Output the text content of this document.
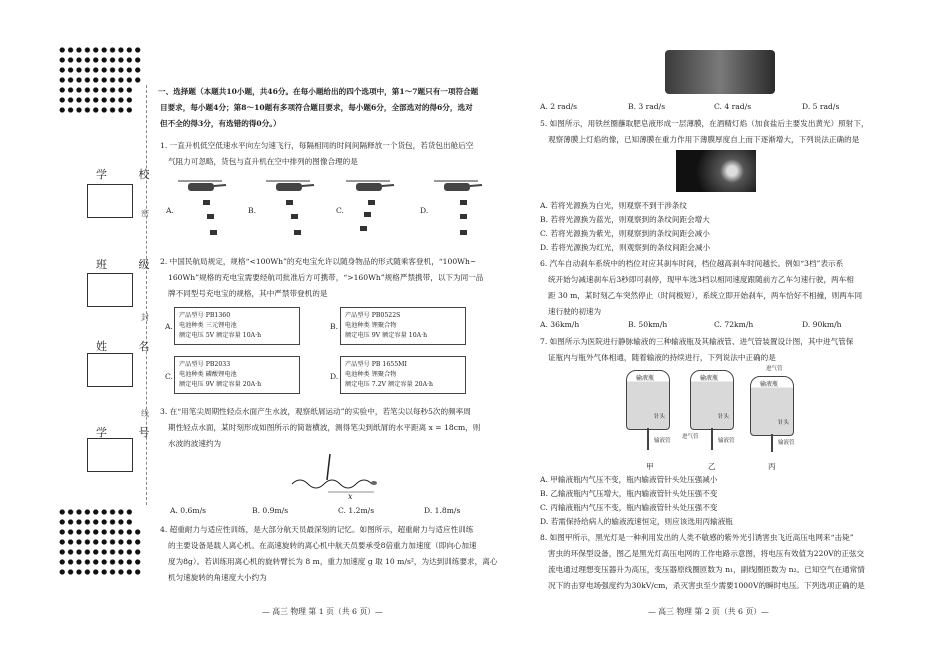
密
封
线
学 校
班 级
姓 名
学 号

一、选择题（本题共10小题，共46分。在每小题给出的四个选项中，第1～7题只有一项符合题

目要求，每小题4分；第8～10题有多项符合题目要求，每小题6分，全部选对的得6分，选对

但不全的得3分，有选错的得0分。）

1. 一直升机低空低速水平向左匀速飞行，每隔相同的时间间隔释放一个货包，若货包出舱后空

气阻力可忽略，货包与直升机在空中排列的图像合理的是

A.	B.	C.	D.

2. 中国民航局规定，规格“<100Wh”的充电宝允许以随身物品的形式随乘客登机，“100Wh~

160Wh”规格的充电宝需要经航司批准后方可携带，“>160Wh”规格严禁携带，以下为同一品

牌不同型号充电宝的规格，其中严禁带登机的是

A.
产品型号 PB1360
电池种类 三元锂电池
额定电压 5V 额定容量 10A·h
B.
产品型号 PB0522S
电池种类 锂聚合物
额定电压 9V 额定容量 10A·h
C.
产品型号 PB2033
电池种类 磷酸锂电池
额定电压 9V 额定容量 20A·h
D.
产品型号 PB 1655MI
电池种类 锂聚合物
额定电压 7.2V 额定容量 20A·h

3. 在“用笔尖周期性轻点水面产生水波，观察纸屑运动”的实验中，若笔尖以每秒5次的频率周

期性轻点水面，某时刻形成如图所示的简谐横波，测得笔尖到纸屑的水平距离 x = 18cm，则

水波的波速约为

x
A. 0.6m/s	B. 0.9m/s	C. 1.2m/s	D. 1.8m/s

4. 超重耐力与适应性训练，是大部分航天员最深刻的记忆。如图所示，超重耐力与适应性训练

的主要设备是载人离心机。在高速旋转的离心机中航天员要承受8倍重力加速度（即向心加速

度为8g）。若训练用离心机的旋转臂长为 8 m，重力加速度 g 取 10 m/s²，为达到训练要求，离心

机匀速旋转的角速度大小约为

— 高三 物理 第 1 页（共 6 页）—

A. 2 rad/s	B. 3 rad/s	C. 4 rad/s	D. 5 rad/s

5. 如图所示，用铁丝圈蘸取肥皂液形成一层薄膜，在酒精灯焰（加食盐后主要发出黄光）照射下，

观察薄膜上灯焰的像，已知薄膜在重力作用下薄膜厚度自上而下逐渐增大，下列说法正确的是

A. 若将光源换为白光，则观察不到干涉条纹

B. 若将光源换为蓝光，则观察到的条纹间距会增大

C. 若将光源换为紫光，则观察到的条纹间距会减小

D. 若将光源换为红光，则观察到的条纹间距会减小

6. 汽车自动刹车系统中的档位对应其刹车时间，档位越高刹车时间越长。例如“3档”表示系

统开始匀减速刹车后3秒即可刹停，现甲车选3档以相同速度跟随前方乙车匀速行驶，两车相

距 30 m，某时刻乙车突然停止（时间极短），系统立即开始刹车，两车恰好不相撞，则两车同

速行驶的初速为

A. 36km/h	B. 50km/h	C. 72km/h	D. 90km/h

7. 如图所示为医院进行静脉输液的三种输液瓶及其输液管、进气管装置设计图，其中进气管保

证瓶内与瓶外气体相通，随着输液的持续进行，下列说法中正确的是

输液瓶
针头
输液管
输液瓶
进气管
针头
输液管
输液瓶
进气管
针头
输液管
甲	乙	丙

A. 甲输液瓶内气压不变，瓶内输液管针头处压强减小

B. 乙输液瓶内气压增大，瓶内输液管针头处压强不变

C. 丙输液瓶内气压不变，瓶内输液管针头处压强不变

D. 若需保持给病人的输液流速恒定，则应该选用丙输液瓶

8. 如图甲所示，黑光灯是一种利用发出的人类不敏感的紫外光引诱害虫飞近高压电网来“击毙”

害虫的环保型设备，图乙是黑光灯高压电网的工作电路示意图，将电压有效值为220V的正弦交

流电通过理想变压器升为高压，变压器原线圈匝数为 n₁，副线圈匝数为 n₂。已知空气在通常情

况下的击穿电场强度约为30kV/cm，杀灭害虫至少需要1000V的瞬时电压。下列选项正确的是

— 高三 物理 第 2 页（共 6 页）—
